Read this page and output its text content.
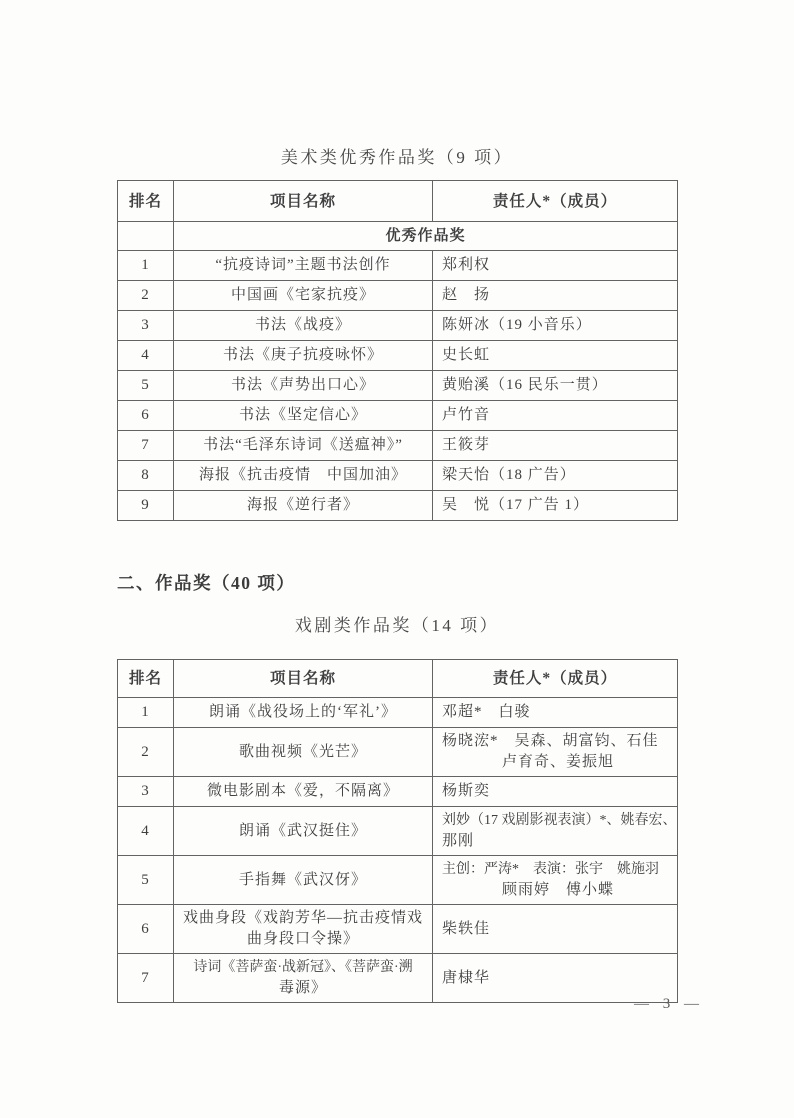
美术类优秀作品奖（9 项）
排名	项目名称	责任人*（成员）
	优秀作品奖	
1	“抗疫诗词”主题书法创作	郑利权
2	中国画《宅家抗疫》	赵　扬
3	书法《战疫》	陈妍冰（19 小音乐）
4	书法《庚子抗疫咏怀》	史长虹
5	书法《声势出口心》	黄贻溪（16 民乐一贯）
6	书法《坚定信心》	卢竹音
7	书法“毛泽东诗词《送瘟神》”	王筱芽
8	海报《抗击疫情　中国加油》	梁天怡（18 广告）
9	海报《逆行者》	吴　悦（17 广告 1）
二、作品奖（40 项）
戏剧类作品奖（14 项）
排名	项目名称	责任人*（成员）
1	朗诵《战役场上的‘军礼’》	邓超*　白骏

2	歌曲视频《光芒》	杨晓浤*　吴森、胡富钧、石佳
卢育奇、姜振旭

3	微电影剧本《爱，不隔离》	杨斯奕

4	朗诵《武汉挺住》	刘妙（17 戏剧影视表演）*、姚春宏、
那刚

5	手指舞《武汉伢》	主创：严涛*　表演：张宇　姚施羽
顾雨婷　傅小蝶

6	戏曲身段《戏韵芳华—抗击疫情戏
曲身段口令操》	柴轶佳

7	诗词《菩萨蛮·战新冠》、《菩萨蛮·溯
毒源》	唐棣华
— 3 —
